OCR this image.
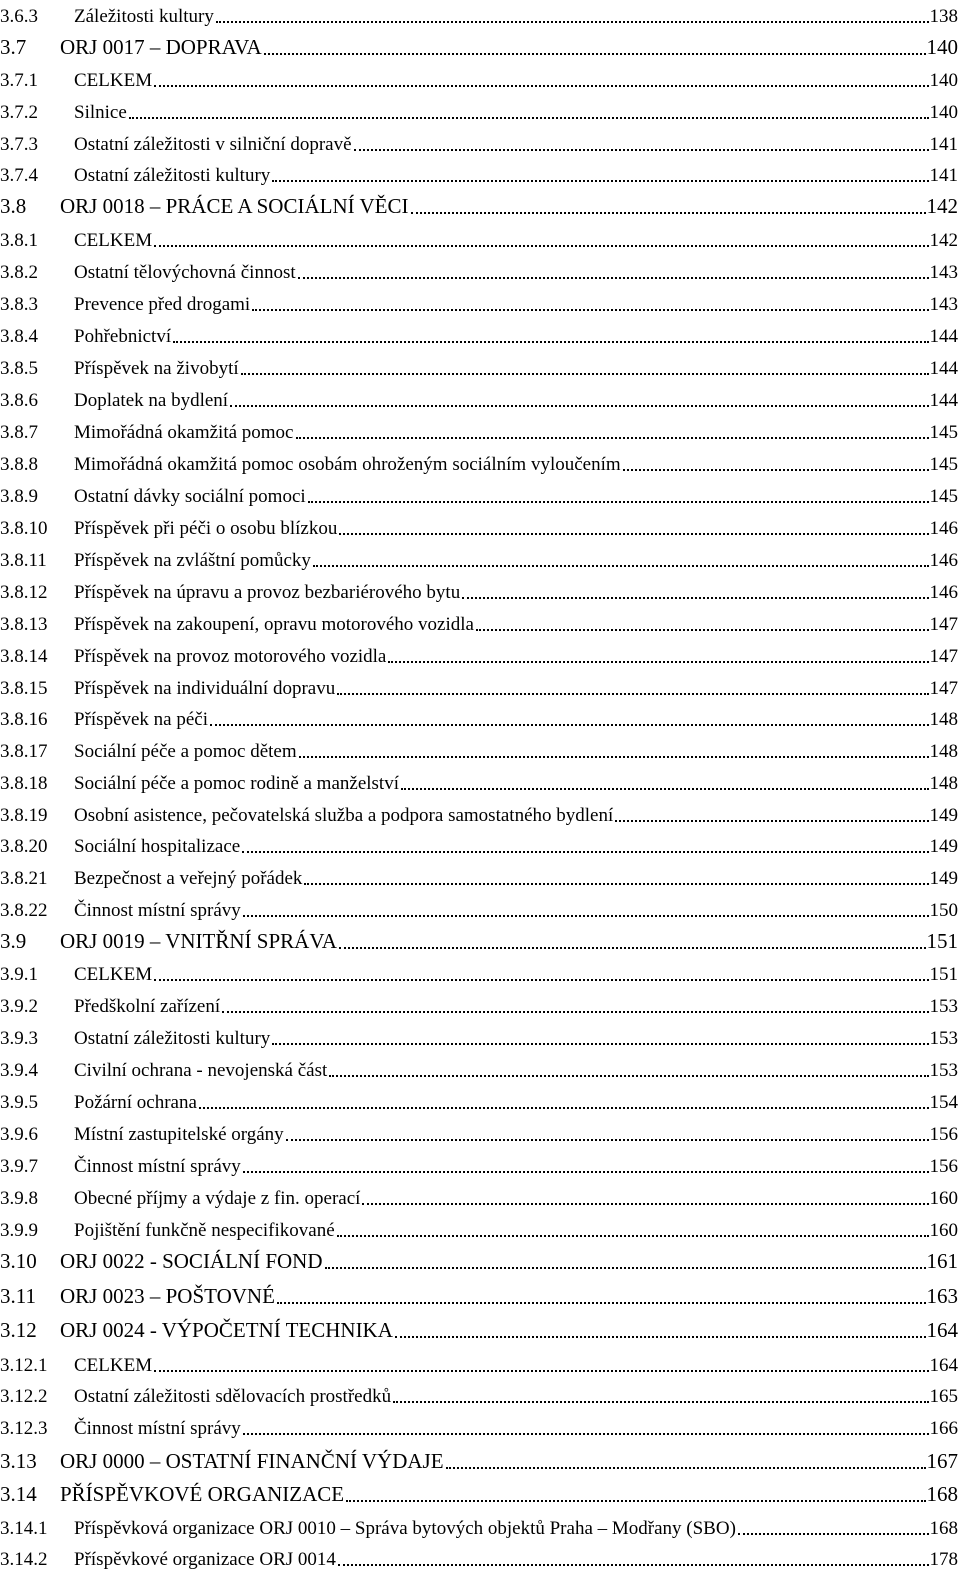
3.6.3	Záležitosti kultury	138
3.7	ORJ 0017 – DOPRAVA	140
3.7.1	CELKEM	140
3.7.2	Silnice	140
3.7.3	Ostatní záležitosti v silniční dopravě	141
3.7.4	Ostatní záležitosti kultury	141
3.8	ORJ 0018 – PRÁCE A SOCIÁLNÍ VĚCI	142
3.8.1	CELKEM	142
3.8.2	Ostatní tělovýchovná činnost	143
3.8.3	Prevence před drogami	143
3.8.4	Pohřebnictví	144
3.8.5	Příspěvek na živobytí	144
3.8.6	Doplatek na bydlení	144
3.8.7	Mimořádná okamžitá pomoc	145
3.8.8	Mimořádná okamžitá pomoc osobám ohroženým sociálním vyloučením	145
3.8.9	Ostatní dávky sociální pomoci	145
3.8.10	Příspěvek při péči o osobu blízkou	146
3.8.11	Příspěvek na zvláštní pomůcky	146
3.8.12	Příspěvek na úpravu a provoz bezbariérového bytu	146
3.8.13	Příspěvek na zakoupení, opravu motorového vozidla	147
3.8.14	Příspěvek na provoz motorového vozidla	147
3.8.15	Příspěvek na individuální dopravu	147
3.8.16	Příspěvek na péči	148
3.8.17	Sociální péče a pomoc dětem	148
3.8.18	Sociální péče a pomoc rodině a manželství	148
3.8.19	Osobní asistence, pečovatelská služba a podpora samostatného bydlení	149
3.8.20	Sociální hospitalizace	149
3.8.21	Bezpečnost a veřejný pořádek	149
3.8.22	Činnost místní správy	150
3.9	ORJ 0019 – VNITŘNÍ SPRÁVA	151
3.9.1	CELKEM	151
3.9.2	Předškolní zařízení	153
3.9.3	Ostatní záležitosti kultury	153
3.9.4	Civilní ochrana - nevojenská část	153
3.9.5	Požární ochrana	154
3.9.6	Místní zastupitelské orgány	156
3.9.7	Činnost místní správy	156
3.9.8	Obecné příjmy a výdaje z fin. operací	160
3.9.9	Pojištění funkčně nespecifikované	160
3.10	ORJ 0022 - SOCIÁLNÍ FOND	161
3.11	ORJ 0023 – POŠTOVNÉ	163
3.12	ORJ 0024 - VÝPOČETNÍ TECHNIKA	164
3.12.1	CELKEM	164
3.12.2	Ostatní záležitosti sdělovacích prostředků	165
3.12.3	Činnost místní správy	166
3.13	ORJ 0000 – OSTATNÍ FINANČNÍ VÝDAJE	167
3.14	PŘÍSPĚVKOVÉ ORGANIZACE	168
3.14.1	Příspěvková organizace ORJ 0010 – Správa bytových objektů Praha – Modřany (SBO)	168
3.14.2	Příspěvkové organizace ORJ 0014	178
